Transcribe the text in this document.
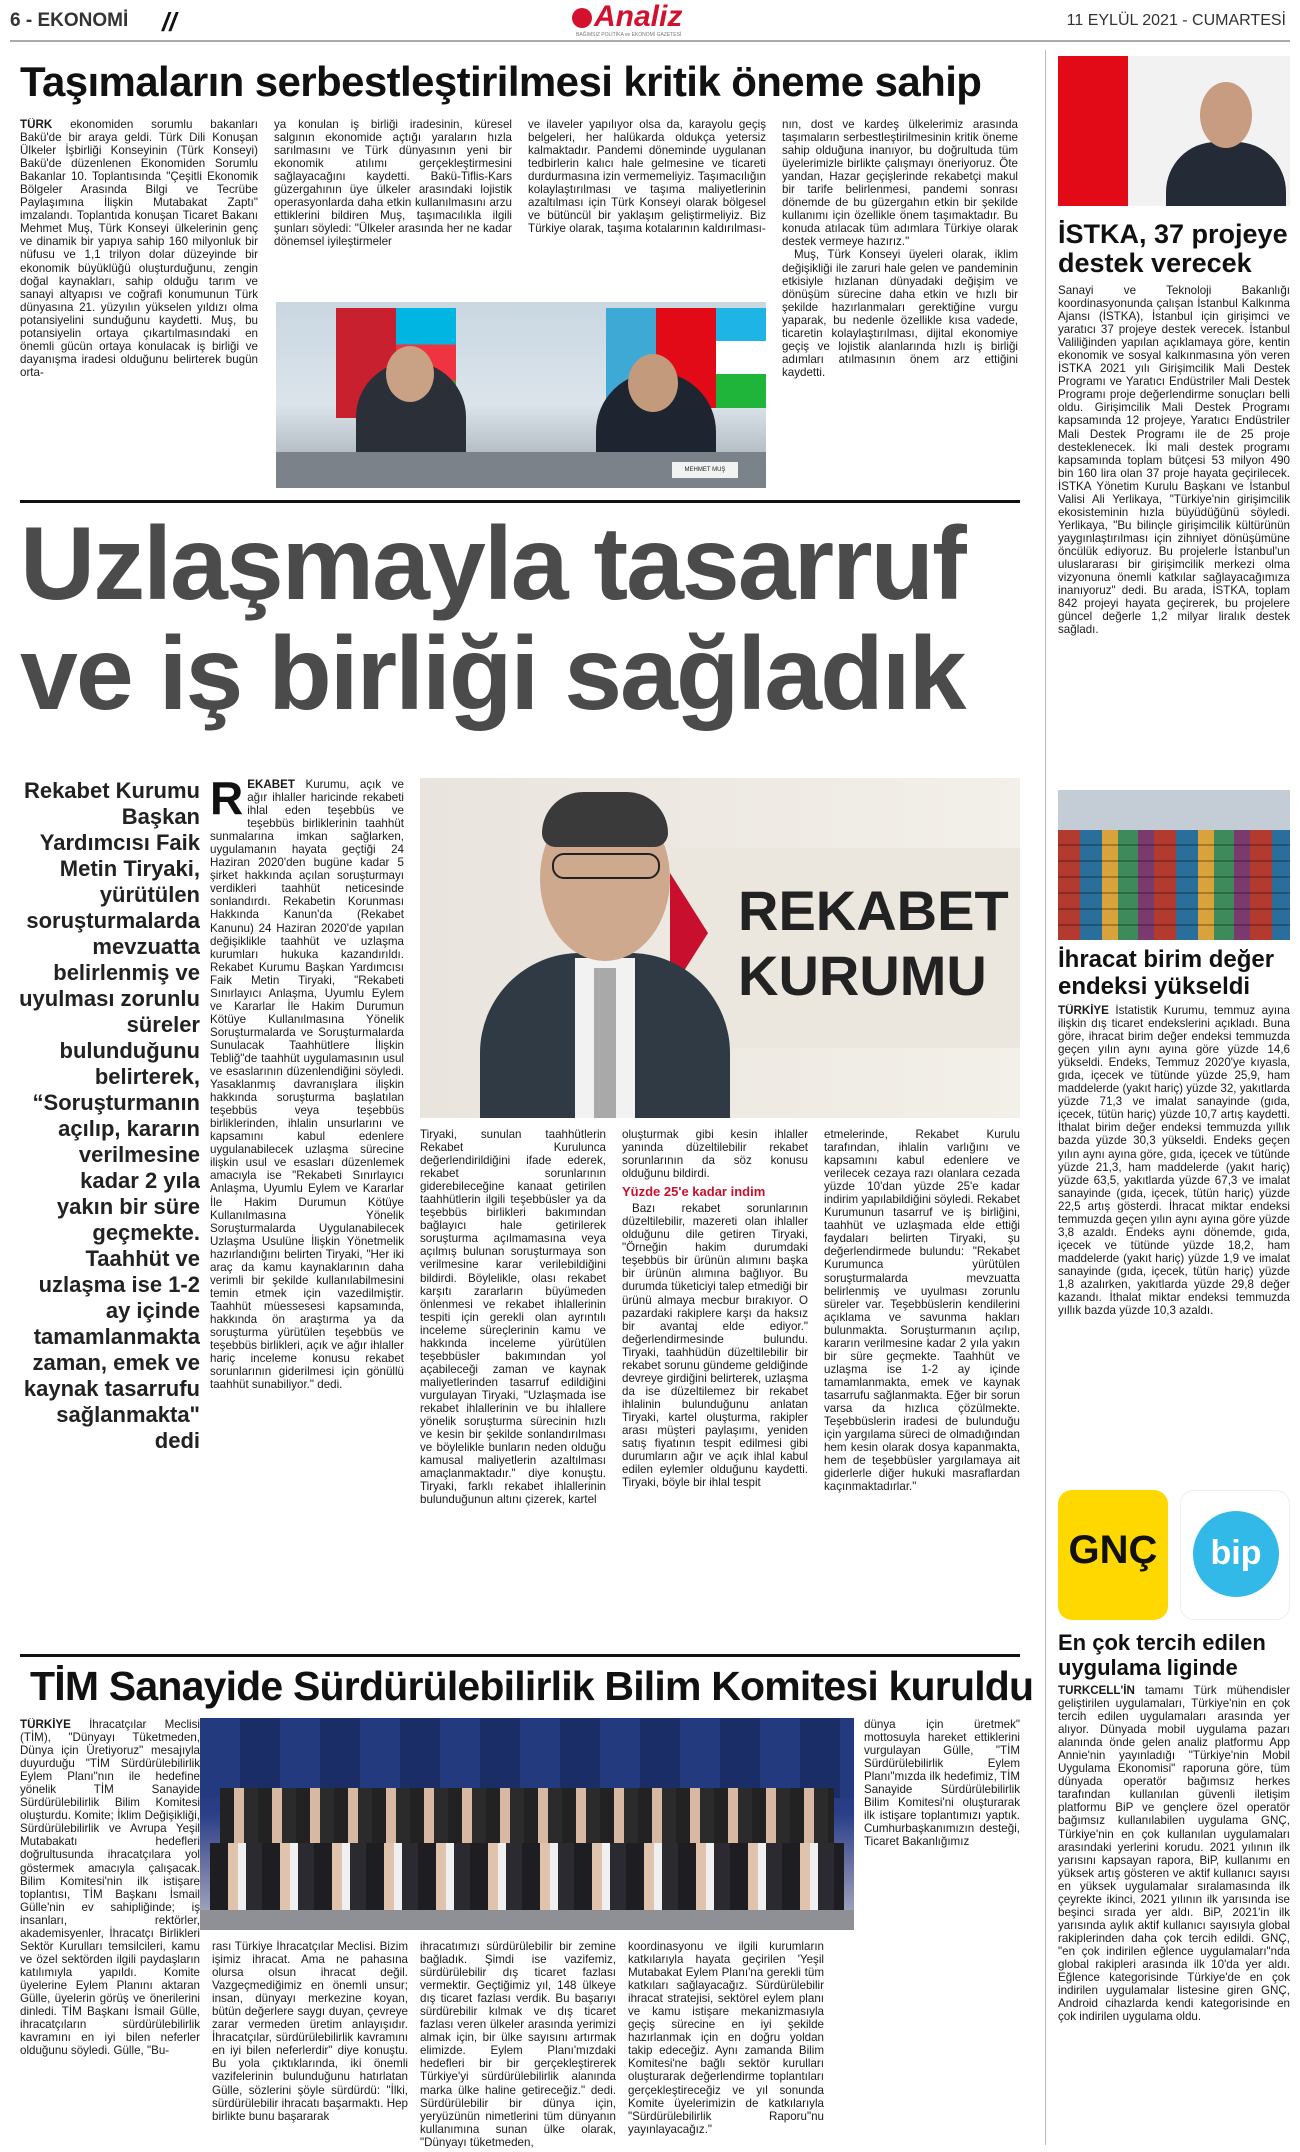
6 - EKONOMİ //	Analiz
BAĞIMSIZ POLİTİKA ve EKONOMİ GAZETESİ
11 EYLÜL 2021 - CUMARTESİ
Taşımaların serbestleştirilmesi kritik öneme sahip
TÜRK ekonomiden sorumlu bakanları Bakü'de bir araya geldi. Türk Dili Konuşan Ülkeler İşbirliği Konseyinin (Türk Konseyi) Bakü'de düzenlenen Ekonomiden Sorumlu Bakanlar 10. Toplantısında "Çeşitli Ekonomik Bölgeler Arasında Bilgi ve Tecrübe Paylaşımına İlişkin Mutabakat Zaptı" imzalandı. Toplantıda konuşan Ticaret Bakanı Mehmet Muş, Türk Konseyi ülkelerinin genç ve dinamik bir yapıya sahip 160 milyonluk bir nüfusu ve 1,1 trilyon dolar düzeyinde bir ekonomik büyüklüğü oluşturduğunu, zengin doğal kaynakları, sahip olduğu tarım ve sanayi altyapısı ve coğrafi konumunun Türk dünyasına 21. yüzyılın yükselen yıldızı olma potansiyelini sunduğunu kaydetti. Muş, bu potansiyelin ortaya çıkartılmasındaki en önemli gücün ortaya konulacak iş birliği ve dayanışma iradesi olduğunu belirterek bugün orta-
ya konulan iş birliği iradesinin, küresel salgının ekonomide açtığı yaraların hızla sarılmasını ve Türk dünyasının yeni bir ekonomik atılımı gerçekleştirmesini sağlayacağını kaydetti. Bakü-Tiflis-Kars güzergahının üye ülkeler arasındaki lojistik operasyonlarda daha etkin kullanılmasını arzu ettiklerini bildiren Muş, taşımacılıkla ilgili şunları söyledi: "Ülkeler arasında her ne kadar dönemsel iyileştirmeler
ve ilaveler yapılıyor olsa da, karayolu geçiş belgeleri, her halükarda oldukça yetersiz kalmaktadır. Pandemi döneminde uygulanan tedbirlerin kalıcı hale gelmesine ve ticareti durdurmasına izin vermemeliyiz. Taşımacılığın kolaylaştırılması ve taşıma maliyetlerinin azaltılması için Türk Konseyi olarak bölgesel ve bütüncül bir yaklaşım geliştirmeliyiz. Biz Türkiye olarak, taşıma kotalarının kaldırılması-

nın, dost ve kardeş ülkelerimiz arasında taşımaların serbestleştirilmesinin kritik öneme sahip olduğuna inanıyor, bu doğrultuda tüm üyelerimizle birlikte çalışmayı öneriyoruz. Öte yandan, Hazar geçişlerinde rekabetçi makul bir tarife belirlenmesi, pandemi sonrası dönemde de bu güzergahın etkin bir şekilde kullanımı için özellikle önem taşımaktadır. Bu konuda atılacak tüm adımlara Türkiye olarak destek vermeye hazırız."

Muş, Türk Konseyi üyeleri olarak, iklim değişikliği ile zaruri hale gelen ve pandeminin etkisiyle hızlanan dünyadaki değişim ve dönüşüm sürecine daha etkin ve hızlı bir şekilde hazırlanmaları gerektiğine vurgu yaparak, bu nedenle özellikle kısa vadede, ticaretin kolaylaştırılması, dijital ekonomiye geçiş ve lojistik alanlarında hızlı iş birliği adımları atılmasının önem arz ettiğini kaydetti.

MEHMET MUŞ
Uzlaşmayla tasarruf
ve iş birliği sağladık
Rekabet Kurumu Başkan Yardımcısı Faik Metin Tiryaki, yürütülen soruşturmalarda mevzuatta belirlenmiş ve uyulması zorunlu süreler bulunduğunu belirterek, “Soruşturmanın açılıp, kararın verilmesine kadar 2 yıla yakın bir süre geçmekte. Taahhüt ve uzlaşma ise 1-2 ay içinde tamamlanmakta zaman, emek ve kaynak tasarrufu sağlanmakta" dedi
REKABET Kurumu, açık ve ağır ihlaller haricinde rekabeti ihlal eden teşebbüs ve teşebbüs birliklerinin taahhüt sunmalarına imkan sağlarken, uygulamanın hayata geçtiği 24 Haziran 2020'den bugüne kadar 5 şirket hakkında açılan soruşturmayı verdikleri taahhüt neticesinde sonlandırdı. Rekabetin Korunması Hakkında Kanun'da (Rekabet Kanunu) 24 Haziran 2020'de yapılan değişiklikle taahhüt ve uzlaşma kurumları hukuka kazandırıldı. Rekabet Kurumu Başkan Yardımcısı Faik Metin Tiryaki, "Rekabeti Sınırlayıcı Anlaşma, Uyumlu Eylem ve Kararlar İle Hakim Durumun Kötüye Kullanılmasına Yönelik Soruşturmalarda ve Soruşturmalarda Sunulacak Taahhütlere İlişkin Tebliğ"de taahhüt uygulamasının usul ve esaslarının düzenlendiğini söyledi. Yasaklanmış davranışlara ilişkin hakkında soruşturma başlatılan teşebbüs veya teşebbüs birliklerinden, ihlalin unsurlarını ve kapsamını kabul edenlere uygulanabilecek uzlaşma sürecine ilişkin usul ve esasları düzenlemek amacıyla ise "Rekabeti Sınırlayıcı Anlaşma, Uyumlu Eylem ve Kararlar İle Hakim Durumun Kötüye Kullanılmasına Yönelik Soruşturmalarda Uygulanabilecek Uzlaşma Usulüne İlişkin Yönetmelik hazırlandığını belirten Tiryaki, "Her iki araç da kamu kaynaklarının daha verimli bir şekilde kullanılabilmesini temin etmek için vazedilmiştir. Taahhüt müessesesi kapsamında, hakkında ön araştırma ya da soruşturma yürütülen teşebbüs ve teşebbüs birlikleri, açık ve ağır ihlaller hariç inceleme konusu rekabet sorunlarının giderilmesi için gönüllü taahhüt sunabiliyor." dedi.
REKABET
KURUMU
Tiryaki, sunulan taahhütlerin Rekabet Kurulunca değerlendirildiğini ifade ederek, rekabet sorunlarının giderebileceğine kanaat getirilen taahhütlerin ilgili teşebbüsler ya da teşebbüs birlikleri bakımından bağlayıcı hale getirilerek soruşturma açılmamasına veya açılmış bulunan soruşturmaya son verilmesine karar verilebildiğini bildirdi. Böylelikle, olası rekabet karşıtı zararların büyümeden önlenmesi ve rekabet ihlallerinin tespiti için gerekli olan ayrıntılı inceleme süreçlerinin kamu ve hakkında inceleme yürütülen teşebbüsler bakımından yol açabileceği zaman ve kaynak maliyetlerinden tasarruf edildiğini vurgulayan Tiryaki, "Uzlaşmada ise rekabet ihlallerinin ve bu ihlallere yönelik soruşturma sürecinin hızlı ve kesin bir şekilde sonlandırılması ve böylelikle bunların neden olduğu kamusal maliyetlerin azaltılması amaçlanmaktadır." diye konuştu. Tiryaki, farklı rekabet ihlallerinin bulunduğunun altını çizerek, kartel

oluşturmak gibi kesin ihlaller yanında düzeltilebilir rekabet sorunlarının da söz konusu olduğunu bildirdi.

Yüzde 25'e kadar indim

Bazı rekabet sorunlarının düzeltilebilir, mazereti olan ihlaller olduğunu dile getiren Tiryaki, "Örneğin hakim durumdaki teşebbüs bir ürünün alımını başka bir ürünün alımına bağlıyor. Bu durumda tüketiciyi talep etmediği bir ürünü almaya mecbur bırakıyor. O pazardaki rakiplere karşı da haksız bir avantaj elde ediyor." değerlendirmesinde bulundu. Tiryaki, taahhüdün düzeltilebilir bir rekabet sorunu gündeme geldiğinde devreye girdiğini belirterek, uzlaşma da ise düzeltilemez bir rekabet ihlalinin bulunduğunu anlatan Tiryaki, kartel oluşturma, rakipler arası müşteri paylaşımı, yeniden satış fiyatının tespit edilmesi gibi durumların ağır ve açık ihlal kabul edilen eylemler olduğunu kaydetti. Tiryaki, böyle bir ihlal tespit

etmelerinde, Rekabet Kurulu tarafından, ihlalin varlığını ve kapsamını kabul edenlere ve verilecek cezaya razı olanlara cezada yüzde 10'dan yüzde 25'e kadar indirim yapılabildiğini söyledi. Rekabet Kurumunun tasarruf ve iş birliğini, taahhüt ve uzlaşmada elde ettiği faydaları belirten Tiryaki, şu değerlendirmede bulundu: "Rekabet Kurumunca yürütülen soruşturmalarda mevzuatta belirlenmiş ve uyulması zorunlu süreler var. Teşebbüslerin kendilerini açıklama ve savunma hakları bulunmakta. Soruşturmanın açılıp, kararın verilmesine kadar 2 yıla yakın bir süre geçmekte. Taahhüt ve uzlaşma ise 1-2 ay içinde tamamlanmakta, emek ve kaynak tasarrufu sağlanmakta. Eğer bir sorun varsa da hızlıca çözülmekte. Teşebbüslerin iradesi de bulunduğu için yargılama süreci de olmadığından hem kesin olarak dosya kapanmakta, hem de teşebbüsler yargılamaya ait giderlerle diğer hukuki masraflardan kaçınmaktadırlar."
TİM Sanayide Sürdürülebilirlik Bilim Komitesi kuruldu
TÜRKİYE İhracatçılar Meclisi (TİM), "Dünyayı Tüketmeden, Dünya için Üretiyoruz" mesajıyla duyurduğu "TİM Sürdürülebilirlik Eylem Planı"nın ile hedefine yönelik TİM Sanayide Sürdürülebilirlik Bilim Komitesi oluşturdu. Komite; İklim Değişikliği, Sürdürülebilirlik ve Avrupa Yeşil Mutabakatı hedefleri doğrultusunda ihracatçılara yol göstermek amacıyla çalışacak. Bilim Komitesi'nin ilk istişare toplantısı, TİM Başkanı İsmail Gülle'nin ev sahipliğinde; iş insanları, rektörler, akademisyenler, İhracatçı Birlikleri Sektör Kurulları temsilcileri, kamu ve özel sektörden ilgili paydaşların katılımıyla yapıldı. Komite üyelerine Eylem Planını aktaran Gülle, üyelerin görüş ve önerilerini dinledi. TİM Başkanı İsmail Gülle, ihracatçıların sürdürülebilirlik kavramını en iyi bilen neferler olduğunu söyledi. Gülle, "Bu-
dünya için üretmek" mottosuyla hareket ettiklerini vurgulayan Gülle, "TİM Sürdürülebilirlik Eylem Planı"mızda ilk hedefimiz, TİM Sanayide Sürdürülebilirlik Bilim Komitesi'ni oluşturarak ilk istişare toplantımızı yaptık. Cumhurbaşkanımızın desteği, Ticaret Bakanlığımız
rası Türkiye İhracatçılar Meclisi. Bizim işimiz ihracat. Ama ne pahasına olursa olsun ihracat değil. Vazgeçmediğimiz en önemli unsur; insan, dünyayı merkezine koyan, bütün değerlere saygı duyan, çevreye zarar vermeden üretim anlayışıdır. İhracatçılar, sürdürülebilirlik kavramını en iyi bilen neferlerdir" diye konuştu. Bu yola çıktıklarında, iki önemli vazifelerinin bulunduğunu hatırlatan Gülle, sözlerini şöyle sürdürdü: "İlki, sürdürülebilir ihracatı başarmaktı. Hep birlikte bunu başararak
ihracatımızı sürdürülebilir bir zemine bağladık. Şimdi ise vazifemiz, sürdürülebilir dış ticaret fazlası vermektir. Geçtiğimiz yıl, 148 ülkeye dış ticaret fazlası verdik. Bu başarıyı sürdürebilir kılmak ve dış ticaret fazlası veren ülkeler arasında yerimizi almak için, bir ülke sayısını artırmak elimizde. Eylem Planı'mızdaki hedefleri bir bir gerçekleştirerek Türkiye'yi sürdürülebilirlik alanında marka ülke haline getireceğiz." dedi. Sürdürülebilir bir dünya için, yeryüzünün nimetlerini tüm dünyanın kullanımına sunan ülke olarak, "Dünyayı tüketmeden,
koordinasyonu ve ilgili kurumların katkılarıyla hayata geçirilen 'Yeşil Mutabakat Eylem Planı'na gerekli tüm katkıları sağlayacağız. Sürdürülebilir ihracat stratejisi, sektörel eylem planı ve kamu istişare mekanizmasıyla geçiş sürecine en iyi şekilde hazırlanmak için en doğru yoldan takip edeceğiz. Aynı zamanda Bilim Komitesi'ne bağlı sektör kurulları oluşturarak değerlendirme toplantıları gerçekleştireceğiz ve yıl sonunda Komite üyelerimizin de katkılarıyla "Sürdürülebilirlik Raporu"nu yayınlayacağız."
İSTKA, 37 projeye destek verecek
Sanayi ve Teknoloji Bakanlığı koordinasyonunda çalışan İstanbul Kalkınma Ajansı (İSTKA), İstanbul için girişimci ve yaratıcı 37 projeye destek verecek. İstanbul Valiliğinden yapılan açıklamaya göre, kentin ekonomik ve sosyal kalkınmasına yön veren İSTKA 2021 yılı Girişimcilik Mali Destek Programı ve Yaratıcı Endüstriler Mali Destek Programı proje değerlendirme sonuçları belli oldu. Girişimcilik Mali Destek Programı kapsamında 12 projeye, Yaratıcı Endüstriler Mali Destek Programı ile de 25 proje desteklenecek. İki mali destek programı kapsamında toplam bütçesi 53 milyon 490 bin 160 lira olan 37 proje hayata geçirilecek. İSTKA Yönetim Kurulu Başkanı ve İstanbul Valisi Ali Yerlikaya, "Türkiye'nin girişimcilik ekosisteminin hızla büyüdüğünü söyledi. Yerlikaya, "Bu bilinçle girişimcilik kültürünün yaygınlaştırılması için zihniyet dönüşümüne öncülük ediyoruz. Bu projelerle İstanbul'un uluslararası bir girişimcilik merkezi olma vizyonuna önemli katkılar sağlayacağımıza inanıyoruz" dedi. Bu arada, İSTKA, toplam 842 projeyi hayata geçirerek, bu projelere güncel değerle 1,2 milyar liralık destek sağladı.
İhracat birim değer endeksi yükseldi
TÜRKİYE İstatistik Kurumu, temmuz ayına ilişkin dış ticaret endekslerini açıkladı. Buna göre, ihracat birim değer endeksi temmuzda geçen yılın aynı ayına göre yüzde 14,6 yükseldi. Endeks, Temmuz 2020'ye kıyasla, gıda, içecek ve tütünde yüzde 25,9, ham maddelerde (yakıt hariç) yüzde 32, yakıtlarda yüzde 71,3 ve imalat sanayinde (gıda, içecek, tütün hariç) yüzde 10,7 artış kaydetti. İthalat birim değer endeksi temmuzda yıllık bazda yüzde 30,3 yükseldi. Endeks geçen yılın aynı ayına göre, gıda, içecek ve tütünde yüzde 21,3, ham maddelerde (yakıt hariç) yüzde 63,5, yakıtlarda yüzde 67,3 ve imalat sanayinde (gıda, içecek, tütün hariç) yüzde 22,5 artış gösterdi. İhracat miktar endeksi temmuzda geçen yılın aynı ayına göre yüzde 3,8 azaldı. Endeks aynı dönemde, gıda, içecek ve tütünde yüzde 18,2, ham maddelerde (yakıt hariç) yüzde 1,9 ve imalat sanayinde (gıda, içecek, tütün hariç) yüzde 1,8 azalırken, yakıtlarda yüzde 29,8 değer kazandı. İthalat miktar endeksi temmuzda yıllık bazda yüzde 10,3 azaldı.
GNÇ	bip
En çok tercih edilen uygulama liginde
TURKCELL'İN tamamı Türk mühendisler geliştirilen uygulamaları, Türkiye'nin en çok tercih edilen uygulamaları arasında yer alıyor. Dünyada mobil uygulama pazarı alanında önde gelen analiz platformu App Annie'nin yayınladığı "Türkiye'nin Mobil Uygulama Ekonomisi" raporuna göre, tüm dünyada operatör bağımsız herkes tarafından kullanılan güvenli iletişim platformu BiP ve gençlere özel operatör bağımsız kullanılabilen uygulama GNÇ, Türkiye'nin en çok kullanılan uygulamaları arasındaki yerlerini korudu. 2021 yılının ilk yarısını kapsayan rapora, BiP, kullanımı en yüksek artış gösteren ve aktif kullanıcı sayısı en yüksek uygulamalar sıralamasında ilk çeyrekte ikinci, 2021 yılının ilk yarısında ise beşinci sırada yer aldı. BiP, 2021'in ilk yarısında aylık aktif kullanıcı sayısıyla global rakiplerinden daha çok tercih edildi. GNÇ, "en çok indirilen eğlence uygulamaları"nda global rakipleri arasında ilk 10'da yer aldı. Eğlence kategorisinde Türkiye'de en çok indirilen uygulamalar listesine giren GNÇ, Android cihazlarda kendi kategorisinde en çok indirilen uygulama oldu.
